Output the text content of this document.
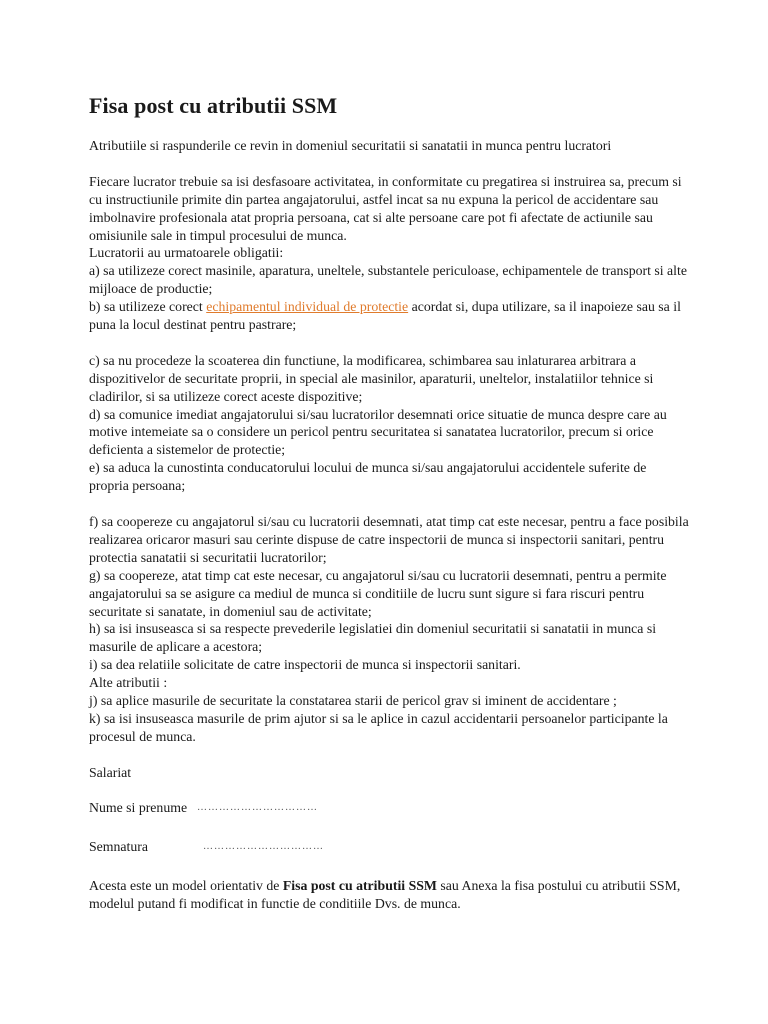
Fisa post cu atributii SSM

Atributiile si raspunderile ce revin in domeniul securitatii si sanatatii in munca pentru lucratori

Fiecare lucrator trebuie sa isi desfasoare activitatea, in conformitate cu pregatirea si instruirea sa, precum si cu instructiunile primite din partea angajatorului, astfel incat sa nu expuna la pericol de accidentare sau imbolnavire profesionala atat propria persoana, cat si alte persoane care pot fi afectate de actiunile sau omisiunile sale in timpul procesului de munca.

Lucratorii au urmatoarele obligatii:

a) sa utilizeze corect masinile, aparatura, uneltele, substantele periculoase, echipamentele de transport si alte mijloace de productie;

b) sa utilizeze corect echipamentul individual de protectie acordat si, dupa utilizare, sa il inapoieze sau sa il puna la locul destinat pentru pastrare;

c) sa nu procedeze la scoaterea din functiune, la modificarea, schimbarea sau inlaturarea arbitrara a dispozitivelor de securitate proprii, in special ale masinilor, aparaturii, uneltelor, instalatiilor tehnice si cladirilor, si sa utilizeze corect aceste dispozitive;

d) sa comunice imediat angajatorului si/sau lucratorilor desemnati orice situatie de munca despre care au motive intemeiate sa o considere un pericol pentru securitatea si sanatatea lucratorilor, precum si orice deficienta a sistemelor de protectie;

e) sa aduca la cunostinta conducatorului locului de munca si/sau angajatorului accidentele suferite de propria persoana;

f) sa coopereze cu angajatorul si/sau cu lucratorii desemnati, atat timp cat este necesar, pentru a face posibila realizarea oricaror masuri sau cerinte dispuse de catre inspectorii de munca si inspectorii sanitari, pentru protectia sanatatii si securitatii lucratorilor;

g) sa coopereze, atat timp cat este necesar, cu angajatorul si/sau cu lucratorii desemnati, pentru a permite angajatorului sa se asigure ca mediul de munca si conditiile de lucru sunt sigure si fara riscuri pentru securitate si sanatate, in domeniul sau de activitate;

h) sa isi insuseasca si sa respecte prevederile legislatiei din domeniul securitatii si sanatatii in munca si masurile de aplicare a acestora;

i) sa dea relatiile solicitate de catre inspectorii de munca si inspectorii sanitari.

Alte atributii :

j) sa aplice masurile de securitate la constatarea starii de pericol grav si iminent de accidentare ;

k) sa isi insuseasca masurile de prim ajutor si sa le aplice in cazul accidentarii persoanelor participante la procesul de munca.

Salariat

Nume si prenume ……………………………
Semnatura	……………………………

Acesta este un model orientativ de Fisa post cu atributii SSM sau Anexa la fisa postului cu atributii SSM, modelul putand fi modificat in functie de conditiile Dvs. de munca.
